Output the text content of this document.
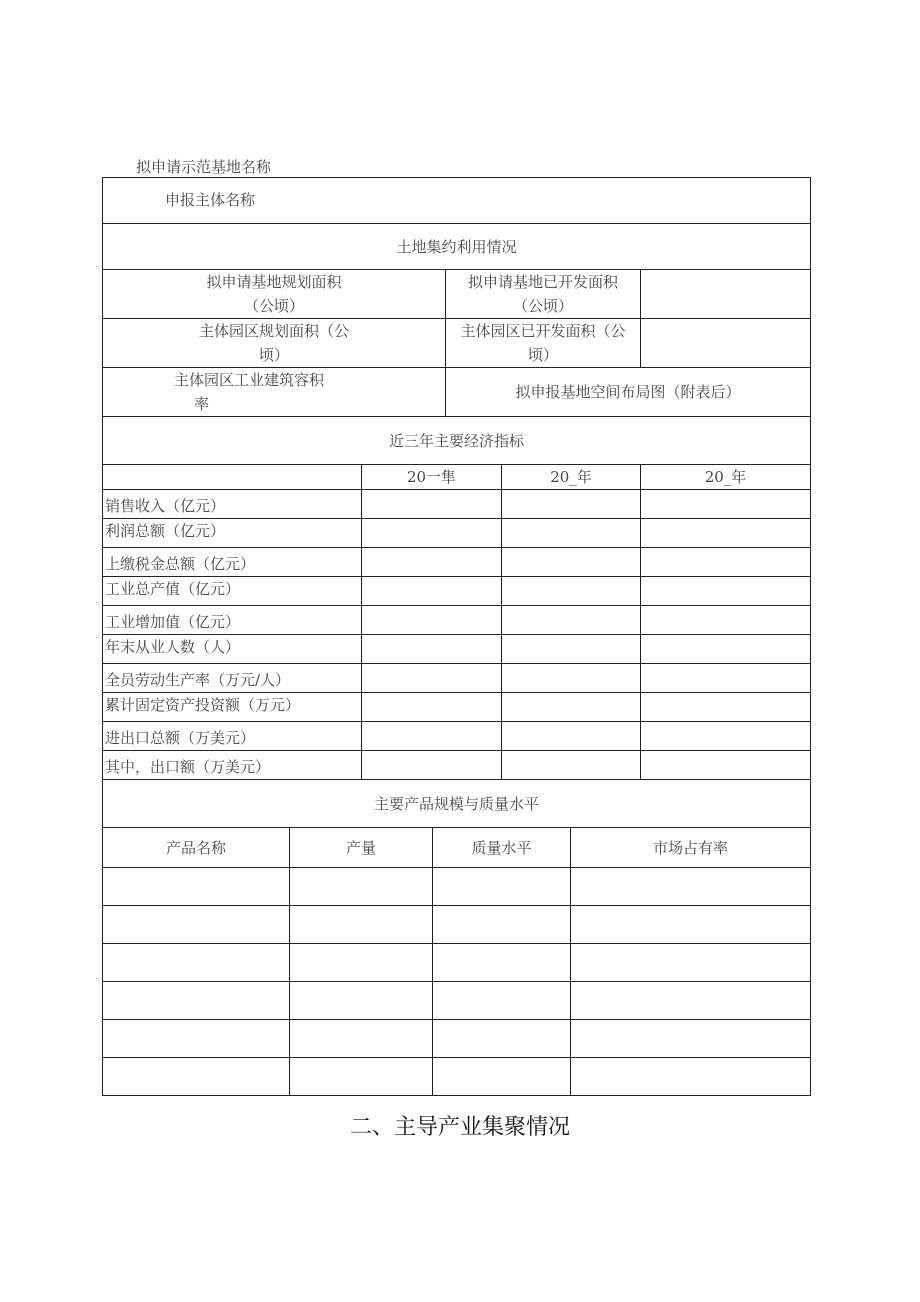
拟申请示范基地名称
申报主体名称							
土地集约利用情况							

拟申请基地规划面积
（公顷）				拟申请基地已开发面积
（公顷）			

主体园区规划面积（公
顷）				主体园区已开发面积（公
顷）			

主体园区工业建筑容积
率				拟申报基地空间布局图（附表后）			
近三年主要经济指标							
		20一隼			20_年		20_年
销售收入（亿元）							
利润总额（亿元）							
上缴税金总额（亿元）							
工业总产值（亿元）							
工业增加值（亿元）							
年末从业人数（人）							
全员劳动生产率（万元/人）							
累计固定资产投资额（万元）							
进出口总额（万美元）							
其中，出口额（万美元）							
主要产品规模与质量水平							
产品名称	产量		质量水平			市场占有率	

二、主导产业集聚情况
